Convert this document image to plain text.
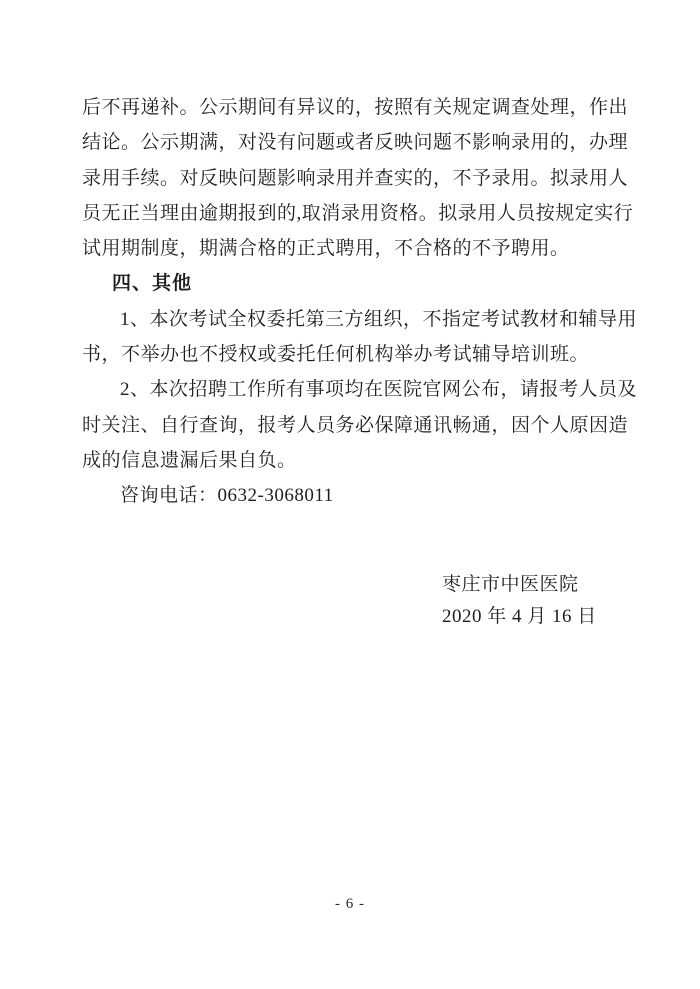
后不再递补。公示期间有异议的，按照有关规定调查处理，作出
结论。公示期满，对没有问题或者反映问题不影响录用的，办理
录用手续。对反映问题影响录用并查实的，不予录用。拟录用人
员无正当理由逾期报到的,取消录用资格。拟录用人员按规定实行
试用期制度，期满合格的正式聘用，不合格的不予聘用。
四、其他
1、本次考试全权委托第三方组织，不指定考试教材和辅导用
书，不举办也不授权或委托任何机构举办考试辅导培训班。
2、本次招聘工作所有事项均在医院官网公布，请报考人员及
时关注、自行查询，报考人员务必保障通讯畅通，因个人原因造
成的信息遗漏后果自负。
咨询电话：0632-3068011
枣庄市中医医院
2020 年 4 月 16 日
- 6 -
